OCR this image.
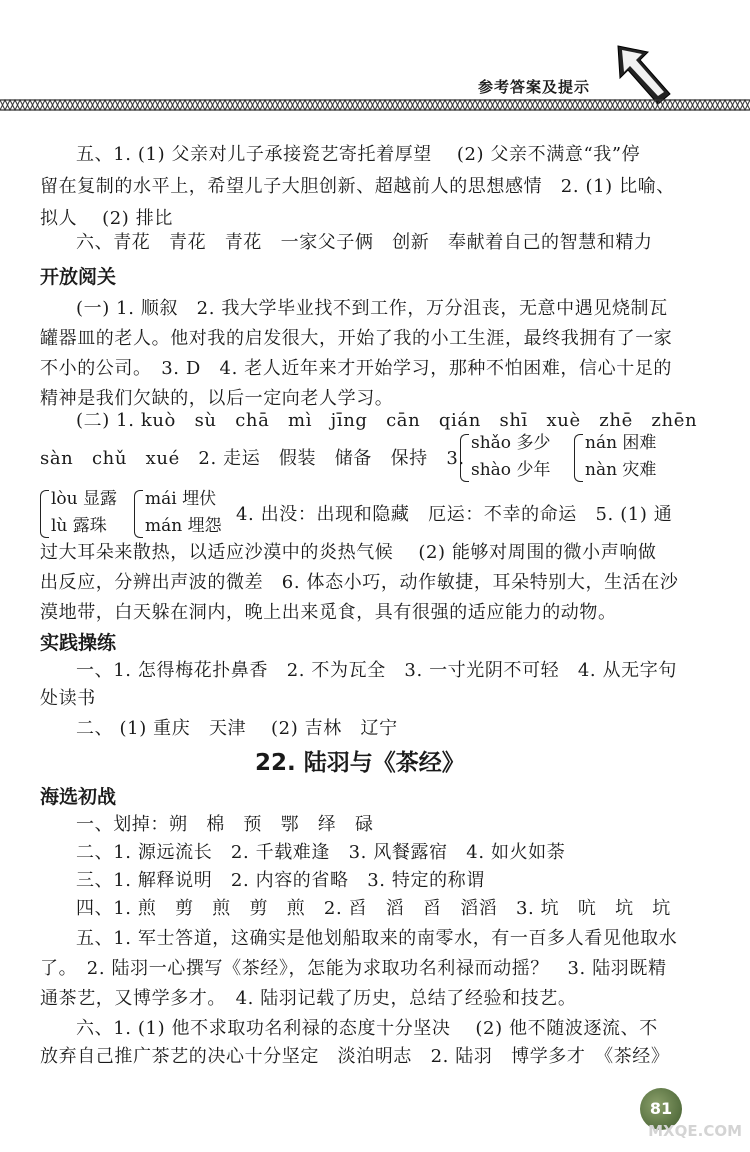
参考答案及提示
五、1. (1) 父亲对儿子承接瓷艺寄托着厚望　 (2) 父亲不满意“我”停
留在复制的水平上，希望儿子大胆创新、超越前人的思想感情　2. (1) 比喻、
拟人　 (2) 排比
六、青花　青花　青花　一家父子俩　创新　奉献着自己的智慧和精力
开放阅关
(一) 1. 顺叙　2. 我大学毕业找不到工作，万分沮丧，无意中遇见烧制瓦
罐器皿的老人。他对我的启发很大，开始了我的小工生涯，最终我拥有了一家
不小的公司。　3. D　4. 老人近年来才开始学习，那种不怕困难，信心十足的
精神是我们欠缺的，以后一定向老人学习。
(二) 1. kuò　sù　chā　mì　jīng　cān　qián　shī　xuè　zhē　zhēn
sàn　chǔ　xué　2. 走运　假装　储备　保持　3.
shǎo 多少
shào 少年
nán 困难
nàn 灾难
lòu 显露
lù 露珠
mái 埋伏
mán 埋怨
4. 出没：出现和隐藏　厄运：不幸的命运　5. (1) 通
过大耳朵来散热，以适应沙漠中的炎热气候　 (2) 能够对周围的微小声响做
出反应，分辨出声波的微差　6. 体态小巧，动作敏捷，耳朵特别大，生活在沙
漠地带，白天躲在洞内，晚上出来觅食，具有很强的适应能力的动物。
实践操练
一、1. 怎得梅花扑鼻香　2. 不为瓦全　3. 一寸光阴不可轻　4. 从无字句
处读书
二、 (1) 重庆　天津　 (2) 吉林　辽宁
22. 陆羽与《茶经》
海选初战
一、划掉：朔　棉　预　鄂　绎　碌
二、1. 源远流长　2. 千载难逢　3. 风餐露宿　4. 如火如荼
三、1. 解释说明　2. 内容的省略　3. 特定的称谓
四、1. 煎　剪　煎　剪　煎　2. 舀　滔　舀　滔滔　3. 坑　吭　坑　坑
五、1. 军士答道，这确实是他划船取来的南零水，有一百多人看见他取水
了。　2. 陆羽一心撰写《茶经》，怎能为求取功名利禄而动摇？　3. 陆羽既精
通茶艺，又博学多才。　4. 陆羽记载了历史，总结了经验和技艺。
六、1. (1) 他不求取功名利禄的态度十分坚决　 (2) 他不随波逐流、不
放弃自己推广茶艺的决心十分坚定　淡泊明志　2. 陆羽　博学多才　《茶经》
81
MXQE.COM
